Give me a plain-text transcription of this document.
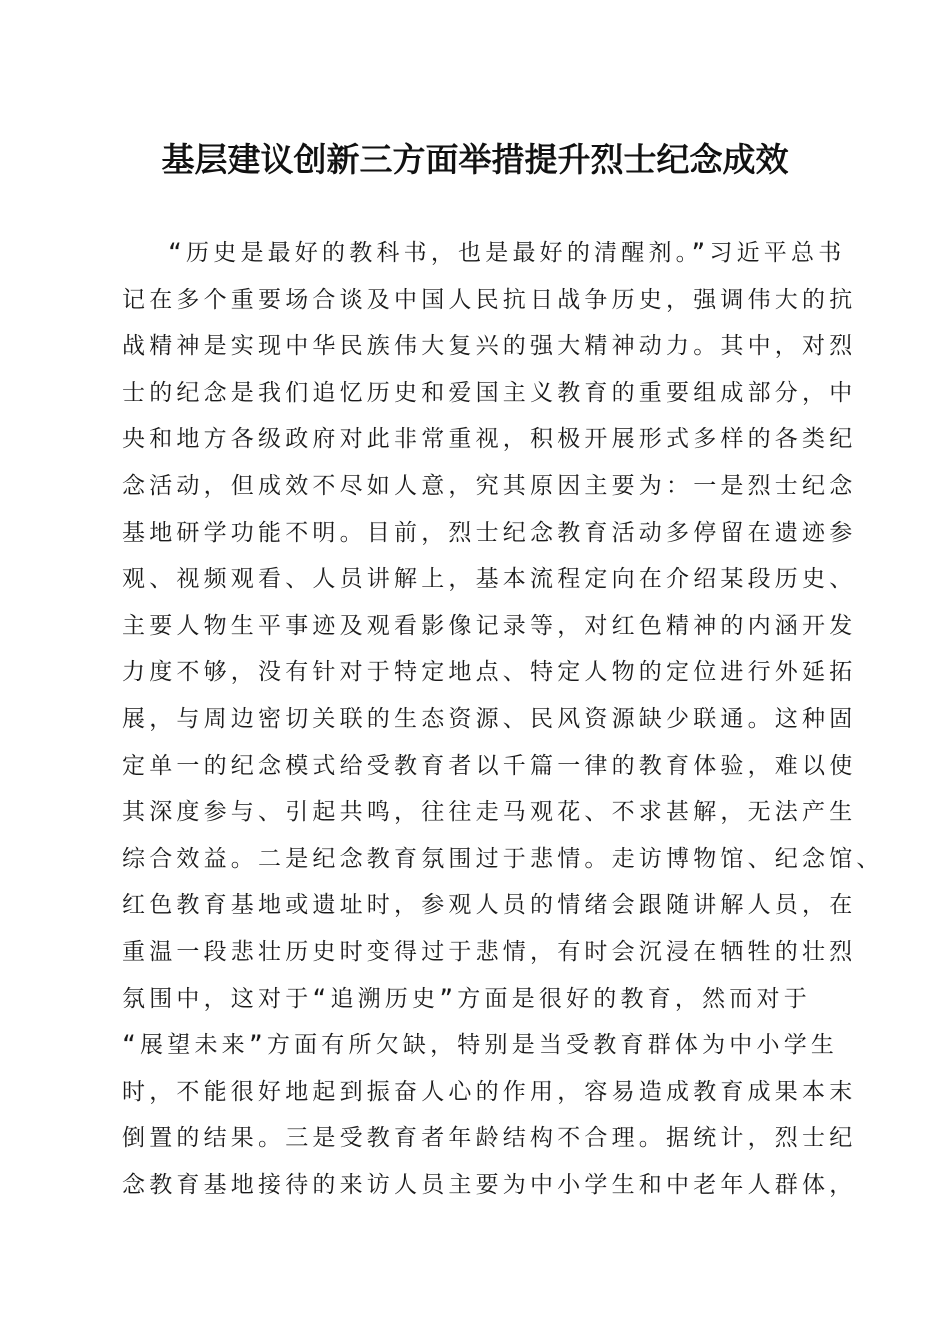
基层建议创新三方面举措提升烈士纪念成效
“历史是最好的教科书，也是最好的清醒剂。”习近平总书
记在多个重要场合谈及中国人民抗日战争历史，强调伟大的抗
战精神是实现中华民族伟大复兴的强大精神动力。其中，对烈
士的纪念是我们追忆历史和爱国主义教育的重要组成部分，中
央和地方各级政府对此非常重视，积极开展形式多样的各类纪
念活动，但成效不尽如人意，究其原因主要为：一是烈士纪念
基地研学功能不明。目前，烈士纪念教育活动多停留在遗迹参
观、视频观看、人员讲解上，基本流程定向在介绍某段历史、
主要人物生平事迹及观看影像记录等，对红色精神的内涵开发
力度不够，没有针对于特定地点、特定人物的定位进行外延拓
展，与周边密切关联的生态资源、民风资源缺少联通。这种固
定单一的纪念模式给受教育者以千篇一律的教育体验，难以使
其深度参与、引起共鸣，往往走马观花、不求甚解，无法产生
综合效益。二是纪念教育氛围过于悲情。走访博物馆、纪念馆、
红色教育基地或遗址时，参观人员的情绪会跟随讲解人员，在
重温一段悲壮历史时变得过于悲情，有时会沉浸在牺牲的壮烈
氛围中，这对于“追溯历史”方面是很好的教育，然而对于
“展望未来”方面有所欠缺，特别是当受教育群体为中小学生
时，不能很好地起到振奋人心的作用，容易造成教育成果本末
倒置的结果。三是受教育者年龄结构不合理。据统计，烈士纪
念教育基地接待的来访人员主要为中小学生和中老年人群体，
